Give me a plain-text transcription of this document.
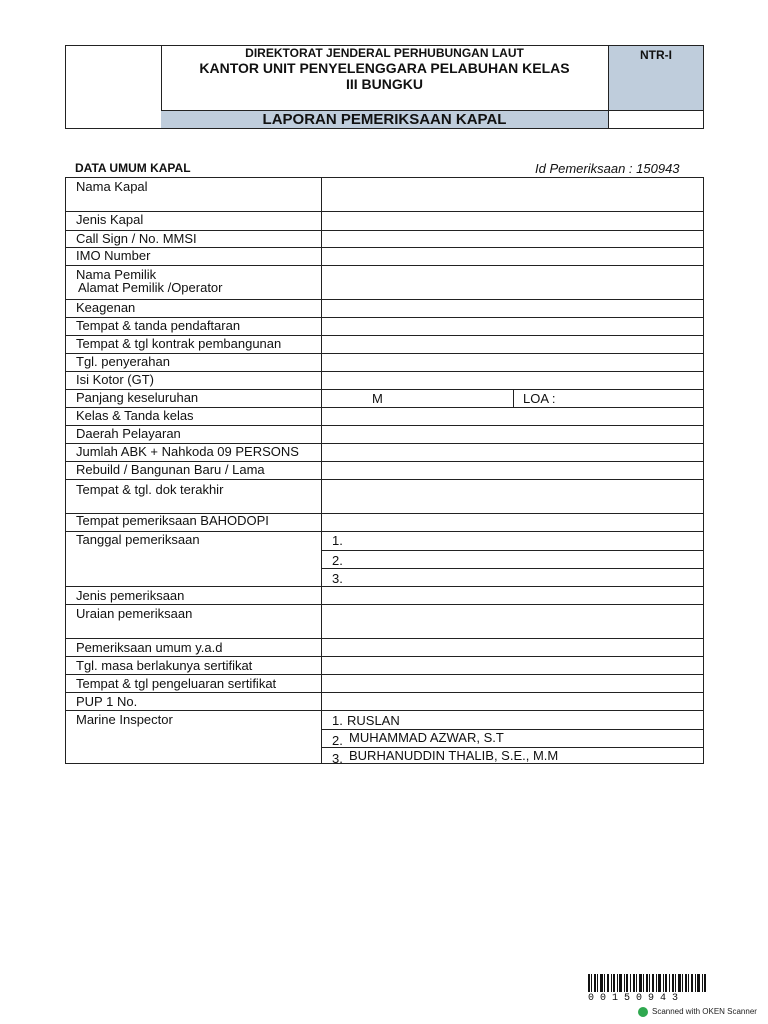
DIREKTORAT JENDERAL PERHUBUNGAN LAUT
KANTOR UNIT PENYELENGGARA PELABUHAN KELAS
III BUNGKU
NTR-I
LAPORAN PEMERIKSAAN KAPAL
DATA UMUM KAPAL	Id Pemeriksaan : 150943
Nama Kapal
Jenis Kapal
Call Sign / No. MMSI
IMO Number
Nama Pemilik
Alamat Pemilik /Operator
Keagenan
Tempat & tanda pendaftaran
Tempat & tgl kontrak pembangunan
Tgl. penyerahan
Isi Kotor (GT)
Panjang keseluruhan	M	LOA :
Kelas & Tanda kelas
Daerah Pelayaran
Jumlah ABK + Nahkoda 09 PERSONS
Rebuild / Bangunan Baru / Lama
Tempat & tgl. dok terakhir
Tempat pemeriksaan BAHODOPI
Tanggal pemeriksaan	1.
2.
3.
Jenis pemeriksaan
Uraian pemeriksaan
Pemeriksaan umum y.a.d
Tgl. masa berlakunya sertifikat
Tempat & tgl pengeluaran sertifikat
PUP 1 No.
Marine Inspector	1. RUSLAN
2. MUHAMMAD AZWAR, S.T
3. BURHANUDDIN THALIB, S.E., M.M
00150943
Scanned with OKEN Scanner
